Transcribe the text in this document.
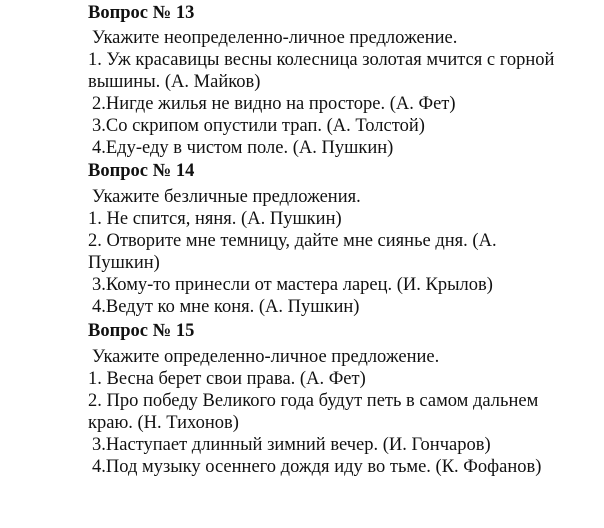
Вопрос № 13
Укажите неопределенно-личное предложение.
1. Уж красавицы весны колесница золотая мчится с горной
вышины. (А. Майков)
2.Нигде жилья не видно на просторе. (А. Фет)
3.Со скрипом опустили трап. (А. Толстой)
4.Еду-еду в чистом поле. (А. Пушкин)
Вопрос № 14
Укажите безличные предложения.
1. Не спится, няня. (А. Пушкин)
2. Отворите мне темницу, дайте мне сиянье дня. (А.
Пушкин)
3.Кому-то принесли от мастера ларец. (И. Крылов)
4.Ведут ко мне коня. (А. Пушкин)
Вопрос № 15
Укажите определенно-личное предложение.
1. Весна берет свои права. (А. Фет)
2. Про победу Великого года будут петь в самом дальнем
краю. (Н. Тихонов)
3.Наступает длинный зимний вечер. (И. Гончаров)
4.Под музыку осеннего дождя иду во тьме. (К. Фофанов)
